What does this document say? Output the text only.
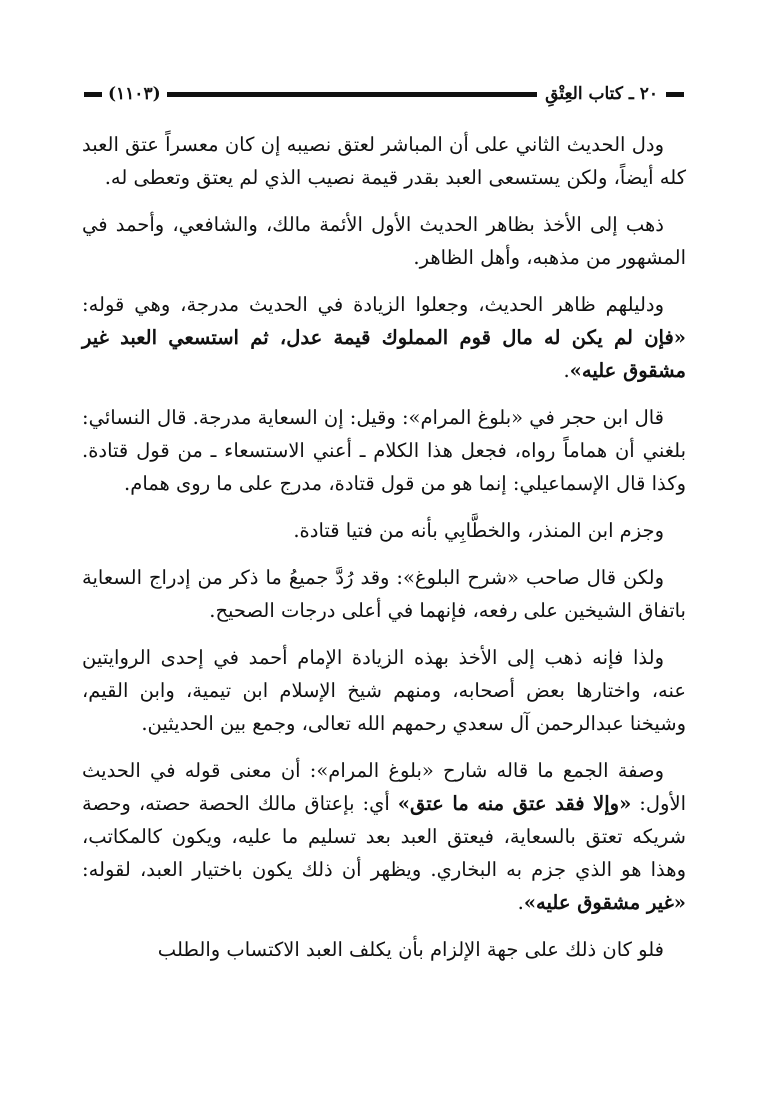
٢٠ ـ كتاب العِتْقِ
(١١٠٣)

ودل الحديث الثاني على أن المباشر لعتق نصيبه إن كان معسراً عتق العبد كله أيضاً، ولكن يستسعى العبد بقدر قيمة نصيب الذي لم يعتق وتعطى له.

ذهب إلى الأخذ بظاهر الحديث الأول الأئمة مالك، والشافعي، وأحمد في المشهور من مذهبه، وأهل الظاهر.

ودليلهم ظاهر الحديث، وجعلوا الزيادة في الحديث مدرجة، وهي قوله: «فإن لم يكن له مال قوم المملوك قيمة عدل، ثم استسعي العبد غير مشقوق عليه».

قال ابن حجر في «بلوغ المرام»: وقيل: إن السعاية مدرجة. قال النسائي: بلغني أن هماماً رواه، فجعل هذا الكلام ـ أعني الاستسعاء ـ من قول قتادة. وكذا قال الإسماعيلي: إنما هو من قول قتادة، مدرج على ما روى همام.

وجزم ابن المنذر، والخطَّابِي بأنه من فتيا قتادة.

ولكن قال صاحب «شرح البلوغ»: وقد رُدَّ جميعُ ما ذكر من إدراج السعاية باتفاق الشيخين على رفعه، فإنهما في أعلى درجات الصحيح.

ولذا فإنه ذهب إلى الأخذ بهذه الزيادة الإمام أحمد في إحدى الروايتين عنه، واختارها بعض أصحابه، ومنهم شيخ الإسلام ابن تيمية، وابن القيم، وشيخنا عبدالرحمن آل سعدي رحمهم الله تعالى، وجمع بين الحديثين.

وصفة الجمع ما قاله شارح «بلوغ المرام»: أن معنى قوله في الحديث الأول: «وإلا فقد عتق منه ما عتق» أي: بإعتاق مالك الحصة حصته، وحصة شريكه تعتق بالسعاية، فيعتق العبد بعد تسليم ما عليه، ويكون كالمكاتب، وهذا هو الذي جزم به البخاري. ويظهر أن ذلك يكون باختيار العبد، لقوله: «غير مشقوق عليه».

فلو كان ذلك على جهة الإلزام بأن يكلف العبد الاكتساب والطلب
